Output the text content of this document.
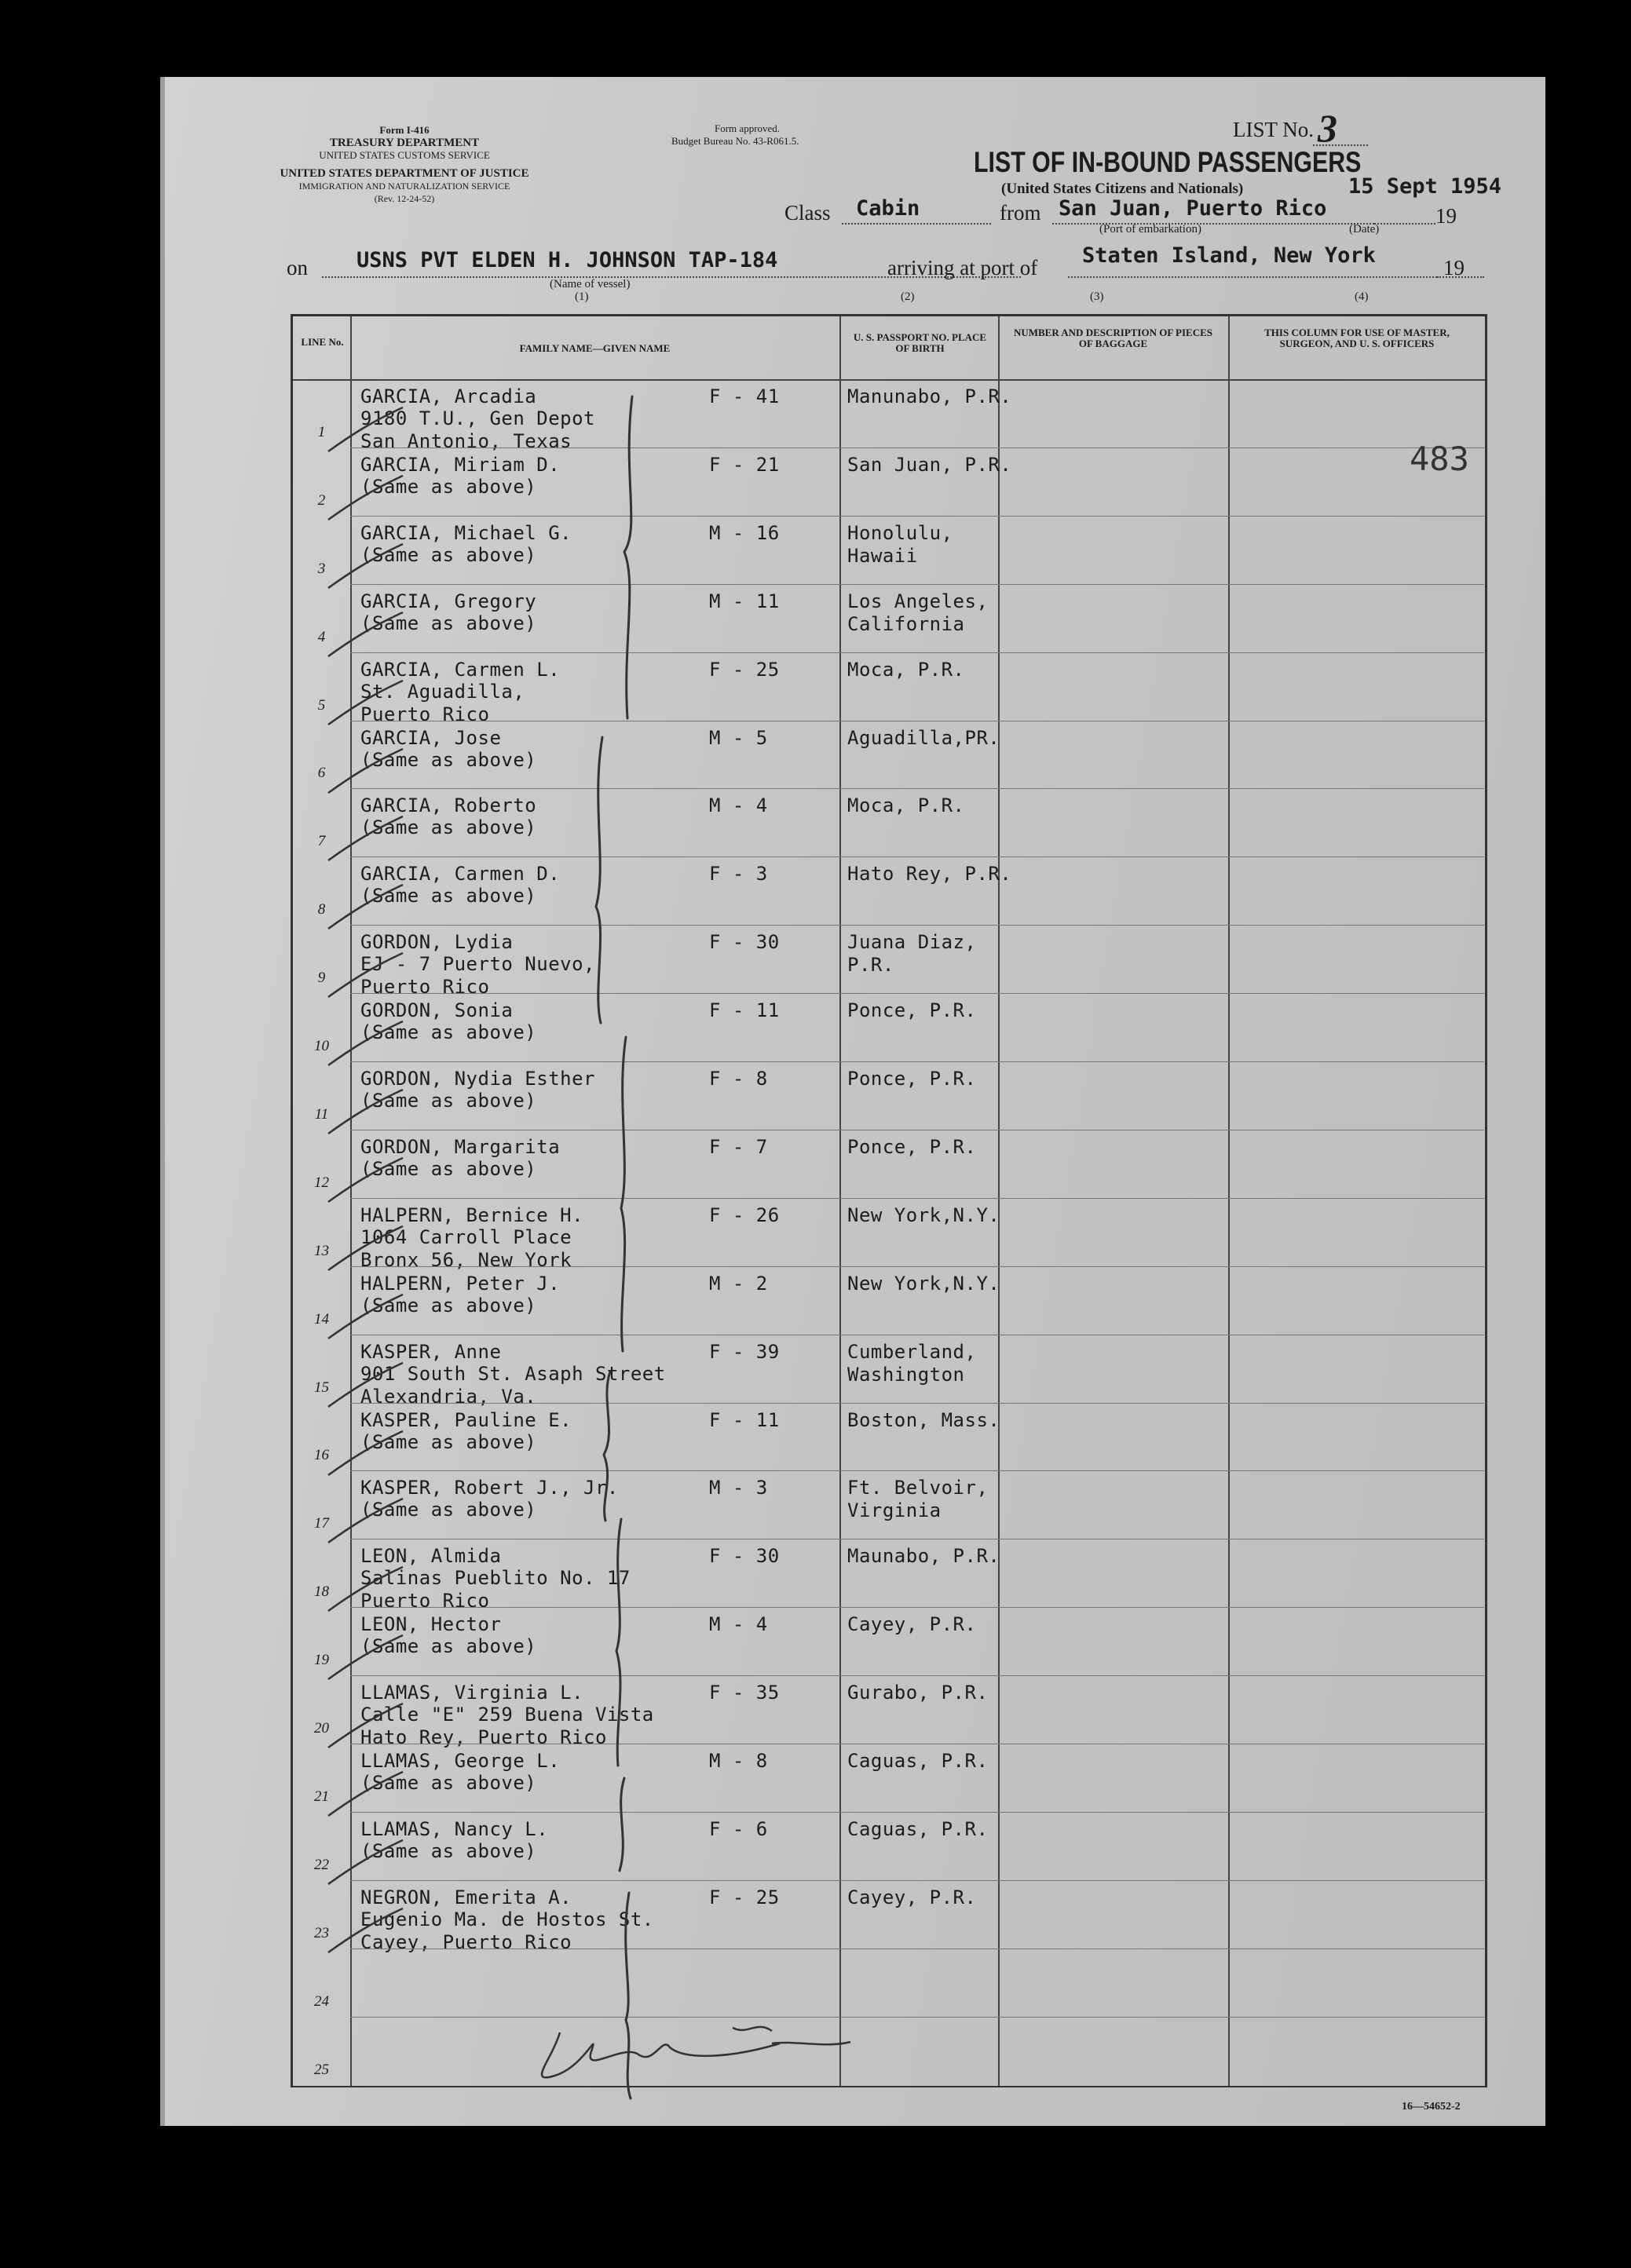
Form I-416
TREASURY DEPARTMENT
UNITED STATES CUSTOMS SERVICE
UNITED STATES DEPARTMENT OF JUSTICE
IMMIGRATION AND NATURALIZATION SERVICE
(Rev. 12-24-52)
Form approved.
Budget Bureau No. 43-R061.5.	LIST No. 3
LIST OF IN-BOUND PASSENGERS
(United States Citizens and Nationals)
Class Cabin	from San Juan, Puerto Rico
15 Sept 1954
19
(Port of embarkation)	(Date)
on USNS PVT ELDEN H. JOHNSON TAP-184
(Name of vessel)
(1)
arriving at port of Staten Island, New York	19
(2)	(3)	(4)
LINE No.
FAMILY NAME—GIVEN NAME
U. S. PASSPORT NO. PLACE OF BIRTH
NUMBER AND DESCRIPTION OF PIECES OF BAGGAGE
THIS COLUMN FOR USE OF MASTER, SURGEON, AND U. S. OFFICERS
1
GARCIA, Arcadia
9180 T.U., Gen Depot
San Antonio, Texas
F - 41	Manunabo, P.R.
2
GARCIA, Miriam D.
(Same as above)
F - 21	San Juan, P.R.
3
GARCIA, Michael G.
(Same as above)
M - 16	Honolulu,
Hawaii
4
GARCIA, Gregory
(Same as above)
M - 11	Los Angeles,
California
5
GARCIA, Carmen L.
St. Aguadilla,
Puerto Rico
F - 25	Moca, P.R.
6
GARCIA, Jose
(Same as above)
M - 5	Aguadilla,PR.
7
GARCIA, Roberto
(Same as above)
M - 4	Moca, P.R.
8
GARCIA, Carmen D.
(Same as above)
F - 3	Hato Rey, P.R.
9
GORDON, Lydia
EJ - 7 Puerto Nuevo,
Puerto Rico
F - 30	Juana Diaz,
P.R.
10
GORDON, Sonia
(Same as above)
F - 11	Ponce, P.R.
11
GORDON, Nydia Esther
(Same as above)
F - 8	Ponce, P.R.
12
GORDON, Margarita
(Same as above)
F - 7	Ponce, P.R.
13
HALPERN, Bernice H.
1064 Carroll Place
Bronx 56, New York
F - 26	New York,N.Y.
14
HALPERN, Peter J.
(Same as above)
M - 2	New York,N.Y.
15
KASPER, Anne
901 South St. Asaph Street
Alexandria, Va.
F - 39	Cumberland,
Washington
16
KASPER, Pauline E.
(Same as above)
F - 11	Boston, Mass.
17
KASPER, Robert J., Jr.
(Same as above)
M - 3	Ft. Belvoir,
Virginia
18
LEON, Almida
Salinas Pueblito No. 17
Puerto Rico
F - 30	Maunabo, P.R.
19
LEON, Hector
(Same as above)
M - 4	Cayey, P.R.
20
LLAMAS, Virginia L.
Calle "E" 259 Buena Vista
Hato Rey, Puerto Rico
F - 35	Gurabo, P.R.
21
LLAMAS, George L.
(Same as above)
M - 8	Caguas, P.R.
22
LLAMAS, Nancy L.
(Same as above)
F - 6	Caguas, P.R.
23
NEGRON, Emerita A.
Eugenio Ma. de Hostos St.
Cayey, Puerto Rico
F - 25	Cayey, P.R.
24
25
483
16—54652-2
